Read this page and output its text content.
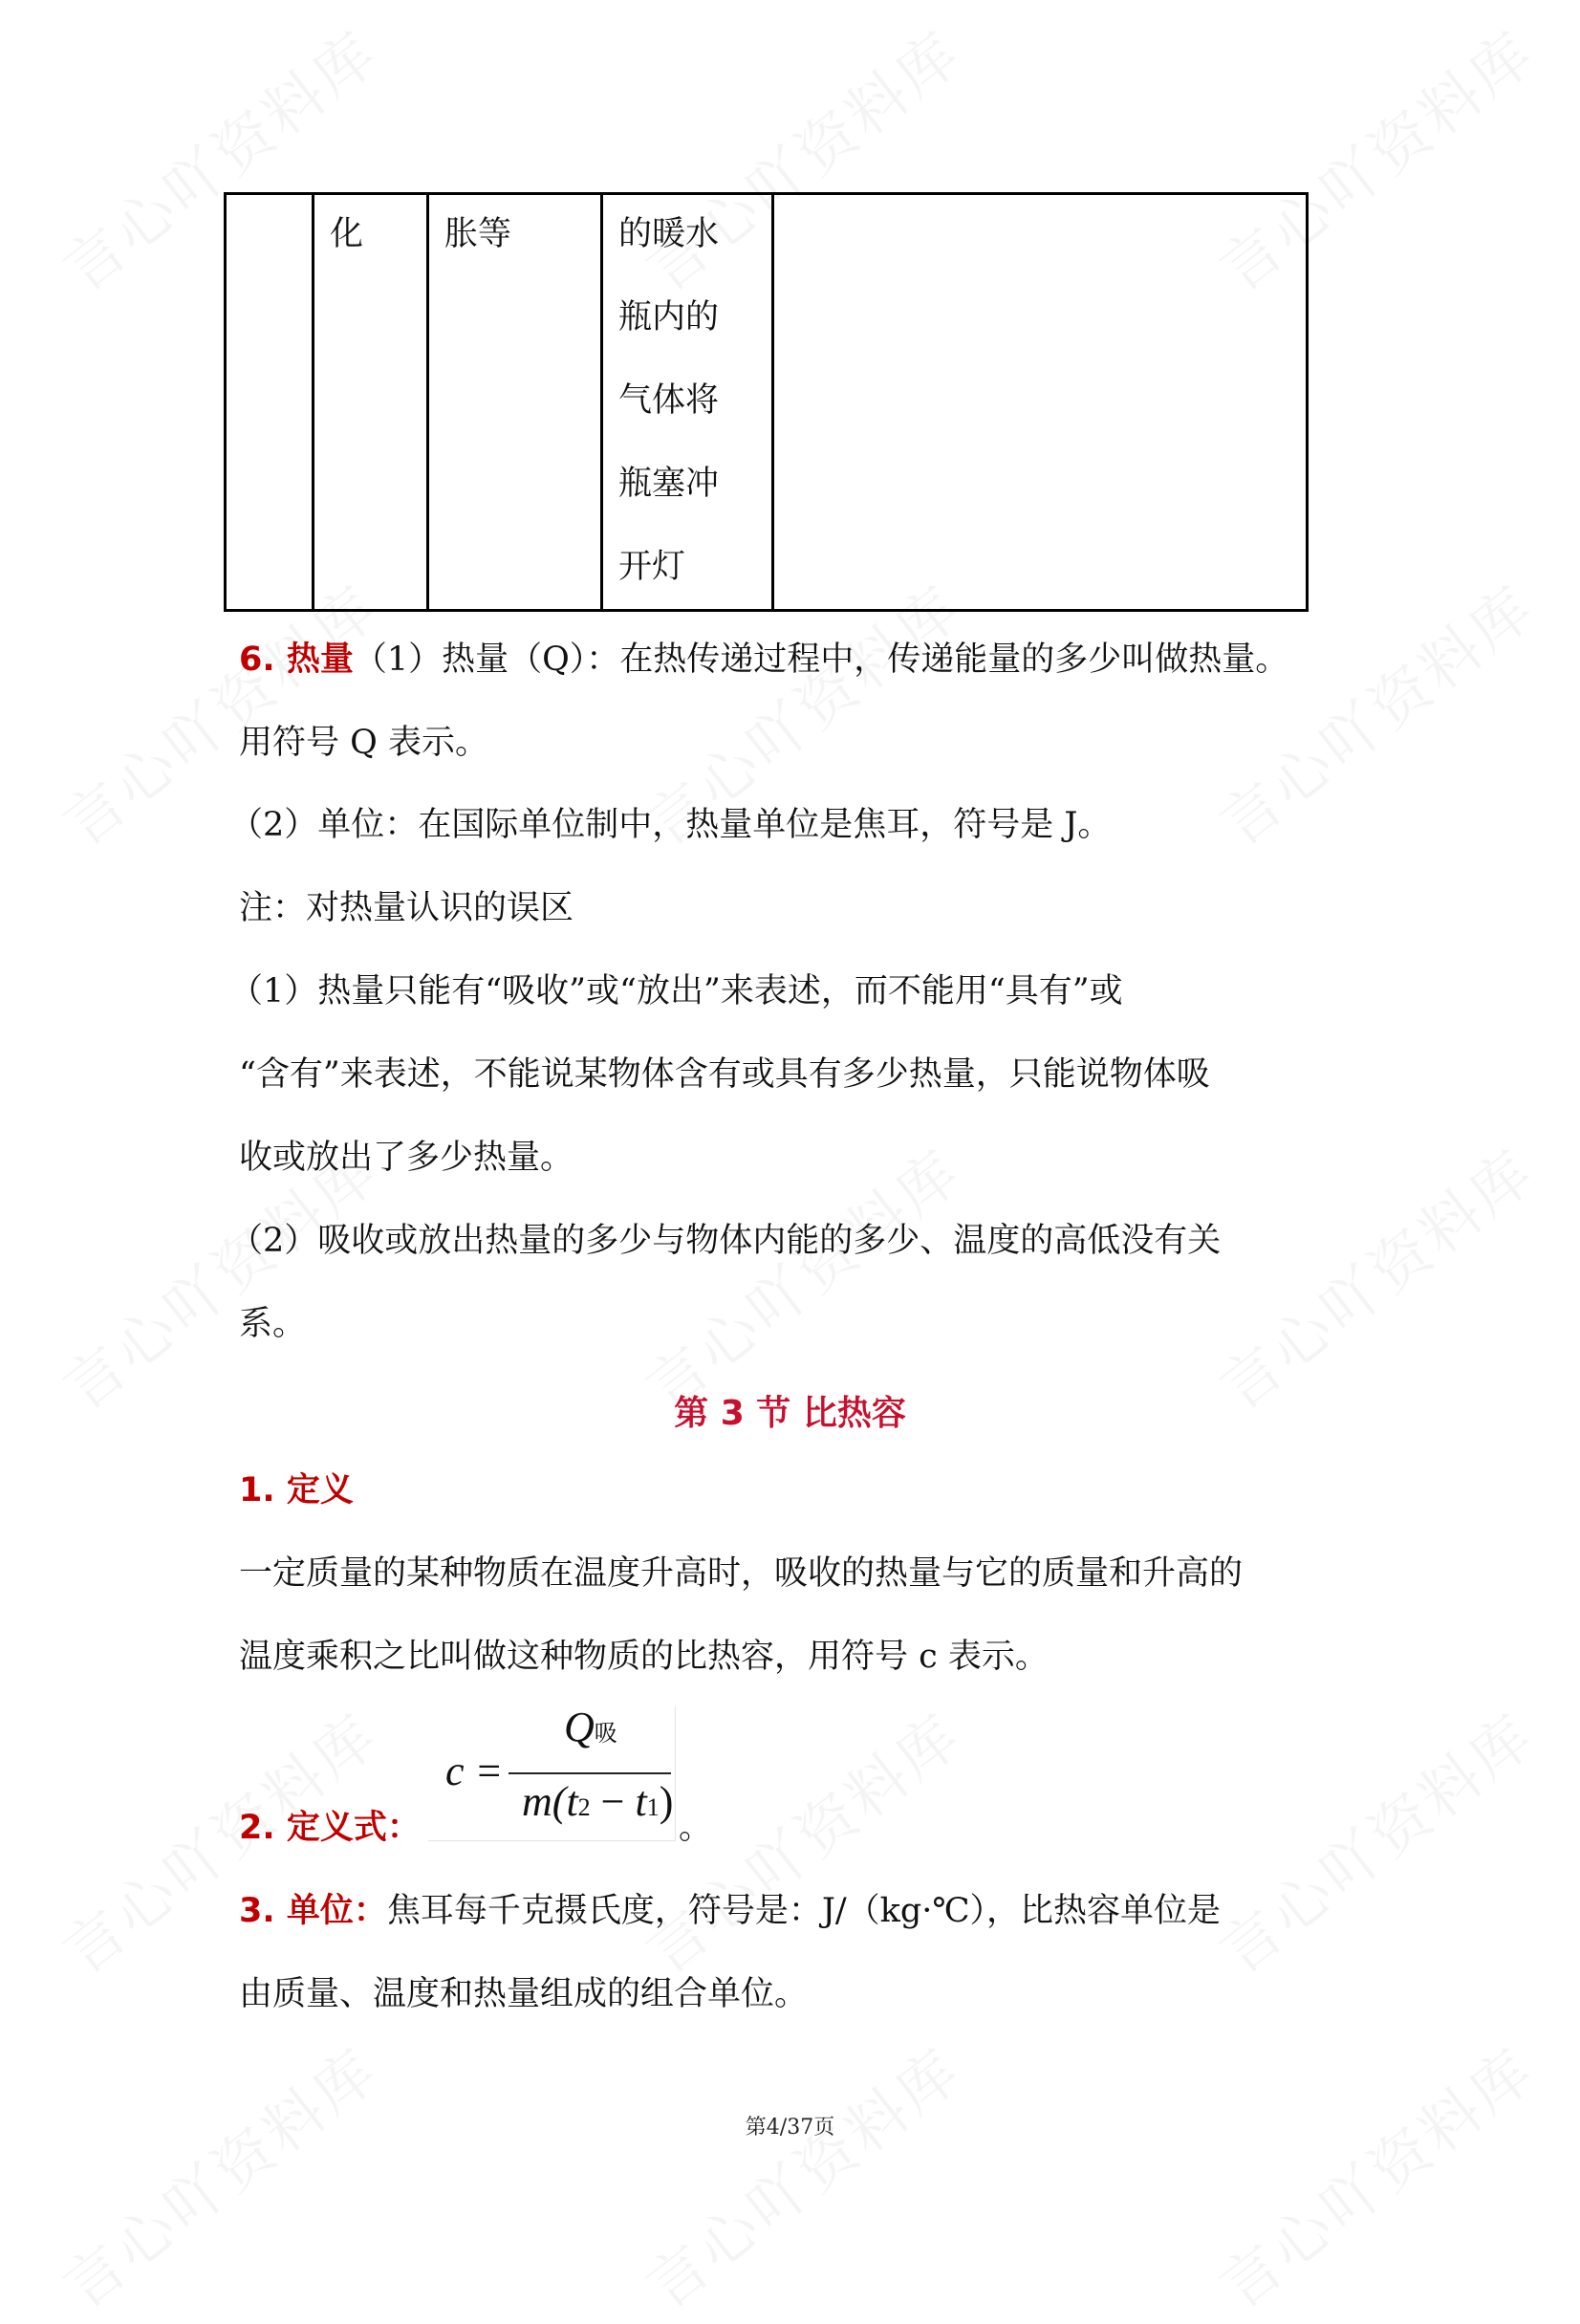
化	胀等	的暖水
瓶内的
气体将
瓶塞冲
开灯

6. 热量（1）热量（Q）：在热传递过程中，传递能量的多少叫做热量。
用符号 Q 表示。
（2）单位：在国际单位制中，热量单位是焦耳，符号是 J。
注：对热量认识的误区
（1）热量只能有“吸收”或“放出”来表述，而不能用“具有”或
“含有”来表述，不能说某物体含有或具有多少热量，只能说物体吸
收或放出了多少热量。
（2）吸收或放出热量的多少与物体内能的多少、温度的高低没有关
系。
第 3 节 比热容
1. 定义
一定质量的某种物质在温度升高时，吸收的热量与它的质量和升高的
温度乘积之比叫做这种物质的比热容，用符号 c 表示。
2. 定义式：
c =
Q吸
m(t2 − t1)
。
3. 单位：焦耳每千克摄氏度，符号是：J/（kg·℃），比热容单位是
由质量、温度和热量组成的组合单位。
第4/37页
